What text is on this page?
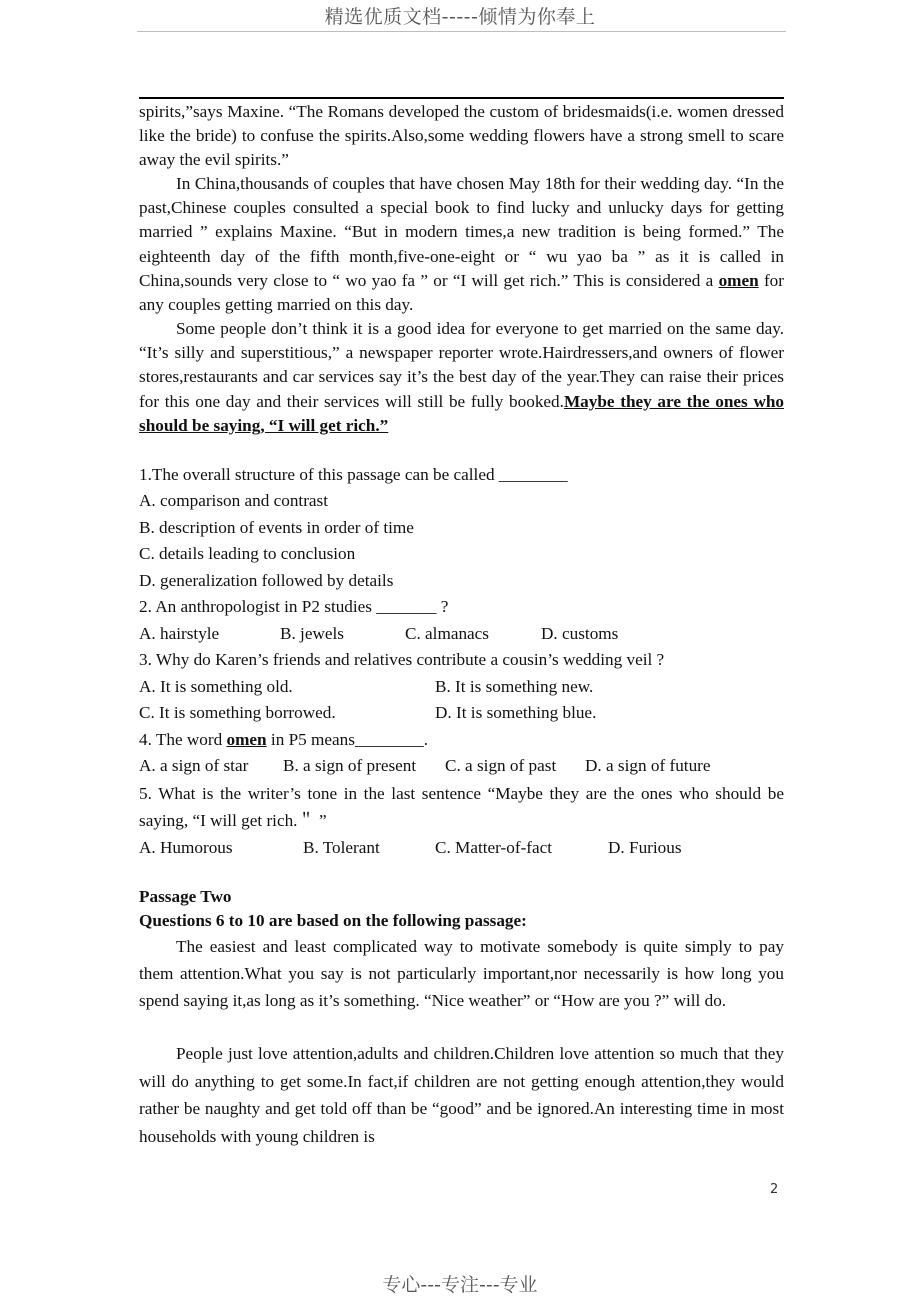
精选优质文档-----倾情为你奉上

spirits,”says Maxine. “The Romans developed the custom of bridesmaids(i.e. women dressed like the bride) to confuse the spirits.Also,some wedding flowers have a strong smell to scare away the evil spirits.”

In China,thousands of couples that have chosen May 18th for their wedding day. “In the past,Chinese couples consulted a special book to find lucky and unlucky days for getting married ” explains Maxine. “But in modern times,a new tradition is being formed.” The eighteenth day of the fifth month,five-one-eight or “ wu yao ba ” as it is called in China,sounds very close to “ wo yao fa ” or “I will get rich.” This is considered a omen for any couples getting married on this day.

Some people don’t think it is a good idea for everyone to get married on the same day. “It’s silly and superstitious,” a newspaper reporter wrote.Hairdressers,and owners of flower stores,restaurants and car services say it’s the best day of the year.They can raise their prices for this one day and their services will still be fully booked.Maybe they are the ones who should be saying, “I will get rich.”

1.The overall structure of this passage can be called ________

A. comparison and contrast

B. description of events in order of time

C. details leading to conclusion

D. generalization followed by details

2. An anthropologist in P2 studies _______ ?

A. hairstyle	B. jewels	C. almanacs	D. customs

3. Why do Karen’s friends and relatives contribute a cousin’s wedding veil ?

A. It is something old.	B. It is something new.
C. It is something borrowed.	D. It is something blue.

4. The word omen in P5 means________.

A. a sign of star B. a sign of present C. a sign of past D. a sign of future

5. What is the writer’s tone in the last sentence “Maybe they are the ones who should be saying, “I will get rich.＂ ”

A. Humorous	B. Tolerant	C. Matter-of-fact	D. Furious

Passage Two

Questions 6 to 10 are based on the following passage:

The easiest and least complicated way to motivate somebody is quite simply to pay them attention.What you say is not particularly important,nor necessarily is how long you spend saying it,as long as it’s something. “Nice weather” or “How are you ?” will do.

People just love attention,adults and children.Children love attention so much that they will do anything to get some.In fact,if children are not getting enough attention,they would rather be naughty and get told off than be “good” and be ignored.An interesting time in most households with young children is

2
专心---专注---专业
